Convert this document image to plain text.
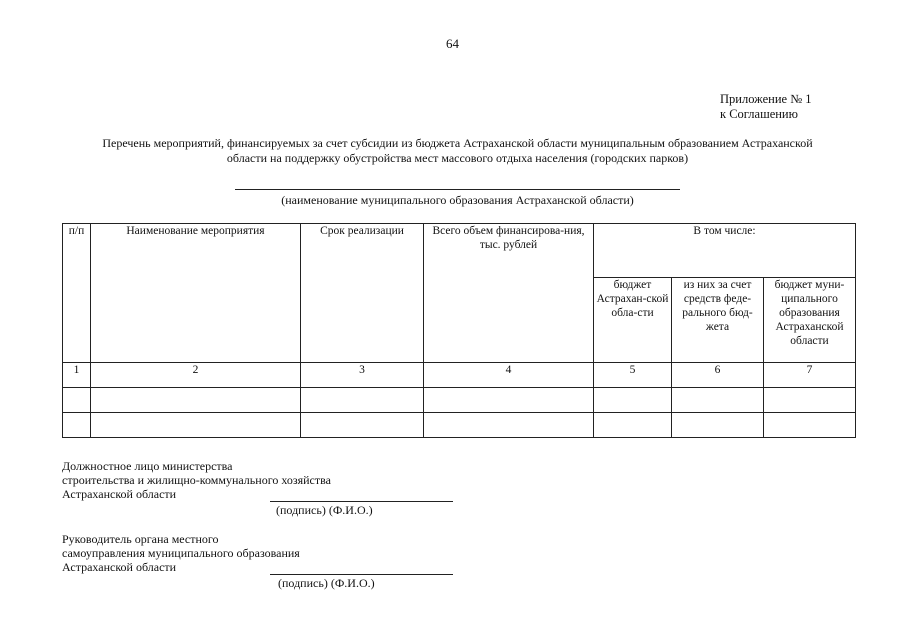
64
Приложение № 1
к Соглашению
Перечень мероприятий, финансируемых за счет субсидии из бюджета Астраханской области муниципальным образованием Астраханской
области на поддержку обустройства мест массового отдыха населения (городских парков)
(наименование муниципального образования Астраханской области)
п/п	Наименование мероприятия	Срок реализации	Всего объем финансирова-ния, тыс. рублей	В том числе:		
				бюджет Астрахан-ской обла-сти	из них за счет средств феде-рального бюд-жета	бюджет муни-ципального образования Астраханской области
1	2	3	4	5	6	7

Должностное лицо министерства
строительства и жилищно-коммунального хозяйства
Астраханской области
(подпись) (Ф.И.О.)
Руководитель органа местного
самоуправления муниципального образования
Астраханской области
(подпись) (Ф.И.О.)
